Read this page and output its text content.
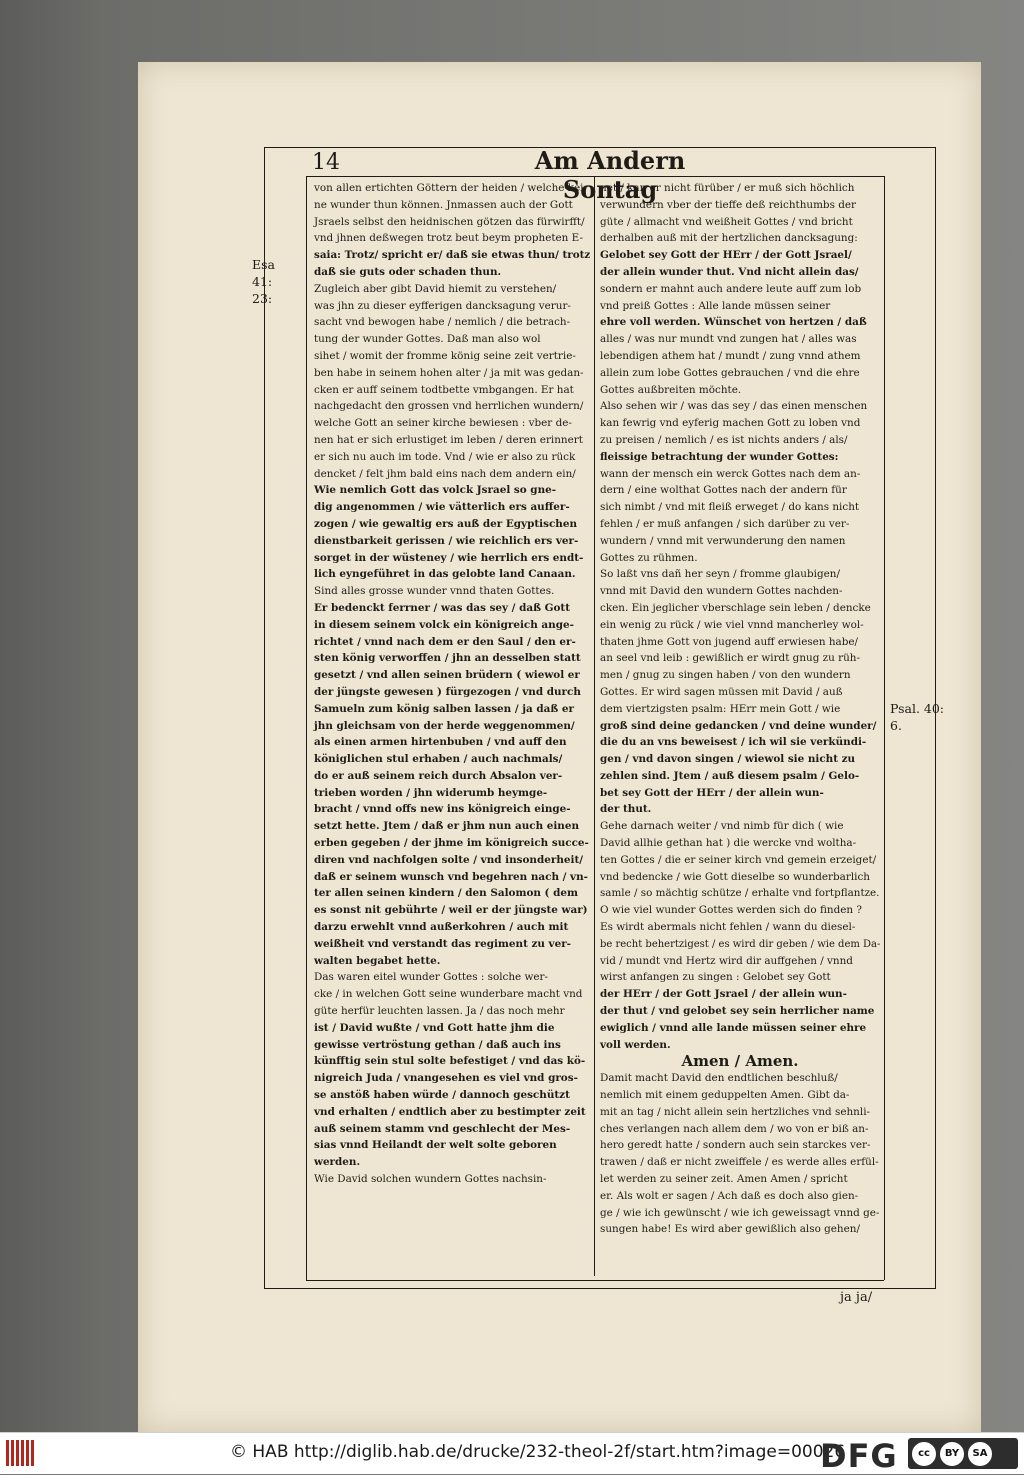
14	Am Andern Sontag
Esa 41:
23:
Psal. 40:
6.

von allen ertichten Göttern der heiden / welche kei-

ne wunder thun können. Jnmassen auch der Gott

Jsraels selbst den heidnischen götzen das fürwirfft/

vnd jhnen deßwegen trotz beut beym propheten E-

saia: Trotz/ spricht er/ daß sie etwas thun/ trotz

daß sie guts oder schaden thun.

Zugleich aber gibt David hiemit zu verstehen/

was jhn zu dieser eyfferigen dancksagung verur-

sacht vnd bewogen habe / nemlich / die betrach-

tung der wunder Gottes. Daß man also wol

sihet / womit der fromme könig seine zeit vertrie-

ben habe in seinem hohen alter / ja mit was gedan-

cken er auff seinem todtbette vmbgangen. Er hat

nachgedacht den grossen vnd herrlichen wundern/

welche Gott an seiner kirche bewiesen : vber de-

nen hat er sich erlustiget im leben / deren erinnert

er sich nu auch im tode. Vnd / wie er also zu rück

dencket / felt jhm bald eins nach dem andern ein/

Wie nemlich Gott das volck Jsrael so gne-

dig angenommen / wie vätterlich ers auffer-

zogen / wie gewaltig ers auß der Egyptischen

dienstbarkeit gerissen / wie reichlich ers ver-

sorget in der wüsteney / wie herrlich ers endt-

lich eyngeführet in das gelobte land Canaan.

Sind alles grosse wunder vnnd thaten Gottes.

Er bedenckt ferrner / was das sey / daß Gott

in diesem seinem volck ein königreich ange-

richtet / vnnd nach dem er den Saul / den er-

sten könig verworffen / jhn an desselben statt

gesetzt / vnd allen seinen brüdern ( wiewol er

der jüngste gewesen ) fürgezogen / vnd durch

Samueln zum könig salben lassen / ja daß er

jhn gleichsam von der herde weggenommen/

als einen armen hirtenbuben / vnd auff den

königlichen stul erhaben / auch nachmals/

do er auß seinem reich durch Absalon ver-

trieben worden / jhn widerumb heymge-

bracht / vnnd offs new ins königreich einge-

setzt hette. Jtem / daß er jhm nun auch einen

erben gegeben / der jhme im königreich succe-

diren vnd nachfolgen solte / vnd insonderheit/

daß er seinem wunsch vnd begehren nach / vn-

ter allen seinen kindern / den Salomon ( dem

es sonst nit gebührte / weil er der jüngste war)

darzu erwehlt vnnd außerkohren / auch mit

weißheit vnd verstandt das regiment zu ver-

walten begabet hette.

Das waren eitel wunder Gottes : solche wer-

cke / in welchen Gott seine wunderbare macht vnd

güte herfür leuchten lassen. Ja / das noch mehr

ist / David wußte / vnd Gott hatte jhm die

gewisse vertröstung gethan / daß auch ins

künfftig sein stul solte befestiget / vnd das kö-

nigreich Juda / vnangesehen es viel vnd gros-

se anstöß haben würde / dannoch geschützt

vnd erhalten / endtlich aber zu bestimpter zeit

auß seinem stamm vnd geschlecht der Mes-

sias vnnd Heilandt der welt solte geboren

werden.

Wie David solchen wundern Gottes nachsin-

net / kan er nicht fürüber / er muß sich höchlich

verwundern vber der tieffe deß reichthumbs der

güte / allmacht vnd weißheit Gottes / vnd bricht

derhalben auß mit der hertzlichen dancksagung:

Gelobet sey Gott der HErr / der Gott Jsrael/

der allein wunder thut. Vnd nicht allein das/

sondern er mahnt auch andere leute auff zum lob

vnd preiß Gottes : Alle lande müssen seiner

ehre voll werden. Wünschet von hertzen / daß

alles / was nur mundt vnd zungen hat / alles was

lebendigen athem hat / mundt / zung vnnd athem

allein zum lobe Gottes gebrauchen / vnd die ehre

Gottes außbreiten möchte.

Also sehen wir / was das sey / das einen menschen

kan fewrig vnd eyferig machen Gott zu loben vnd

zu preisen / nemlich / es ist nichts anders / als/

fleissige betrachtung der wunder Gottes:

wann der mensch ein werck Gottes nach dem an-

dern / eine wolthat Gottes nach der andern für

sich nimbt / vnd mit fleiß erweget / do kans nicht

fehlen / er muß anfangen / sich darüber zu ver-

wundern / vnnd mit verwunderung den namen

Gottes zu rühmen.

So laßt vns dañ her seyn / fromme glaubigen/

vnnd mit David den wundern Gottes nachden-

cken. Ein jeglicher vberschlage sein leben / dencke

ein wenig zu rück / wie viel vnnd mancherley wol-

thaten jhme Gott von jugend auff erwiesen habe/

an seel vnd leib : gewißlich er wirdt gnug zu rüh-

men / gnug zu singen haben / von den wundern

Gottes. Er wird sagen müssen mit David / auß

dem viertzigsten psalm: HErr mein Gott / wie

groß sind deine gedancken / vnd deine wunder/

die du an vns beweisest / ich wil sie verkündi-

gen / vnd davon singen / wiewol sie nicht zu

zehlen sind. Jtem / auß diesem psalm / Gelo-

bet sey Gott der HErr / der allein wun-

der thut.

Gehe darnach weiter / vnd nimb für dich ( wie

David allhie gethan hat ) die wercke vnd woltha-

ten Gottes / die er seiner kirch vnd gemein erzeiget/

vnd bedencke / wie Gott dieselbe so wunderbarlich

samle / so mächtig schütze / erhalte vnd fortpflantze.

O wie viel wunder Gottes werden sich do finden ?

Es wirdt abermals nicht fehlen / wann du diesel-

be recht behertzigest / es wird dir geben / wie dem Da-

vid / mundt vnd Hertz wird dir auffgehen / vnnd

wirst anfangen zu singen : Gelobet sey Gott

der HErr / der Gott Jsrael / der allein wun-

der thut / vnd gelobet sey sein herrlicher name

ewiglich / vnnd alle lande müssen seiner ehre

voll werden.

Amen / Amen.

Damit macht David den endtlichen beschluß/

nemlich mit einem geduppelten Amen. Gibt da-

mit an tag / nicht allein sein hertzliches vnd sehnli-

ches verlangen nach allem dem / wo von er biß an-

hero geredt hatte / sondern auch sein starckes ver-

trawen / daß er nicht zweiffele / es werde alles erfül-

let werden zu seiner zeit. Amen Amen / spricht

er. Als wolt er sagen / Ach daß es doch also gien-

ge / wie ich gewünscht / wie ich geweissagt vnnd ge-

sungen habe! Es wird aber gewißlich also gehen/

ja ja/
© HAB http://diglib.hab.de/drucke/232-theol-2f/start.htm?image=00026
DFG	cc	BY	SA
